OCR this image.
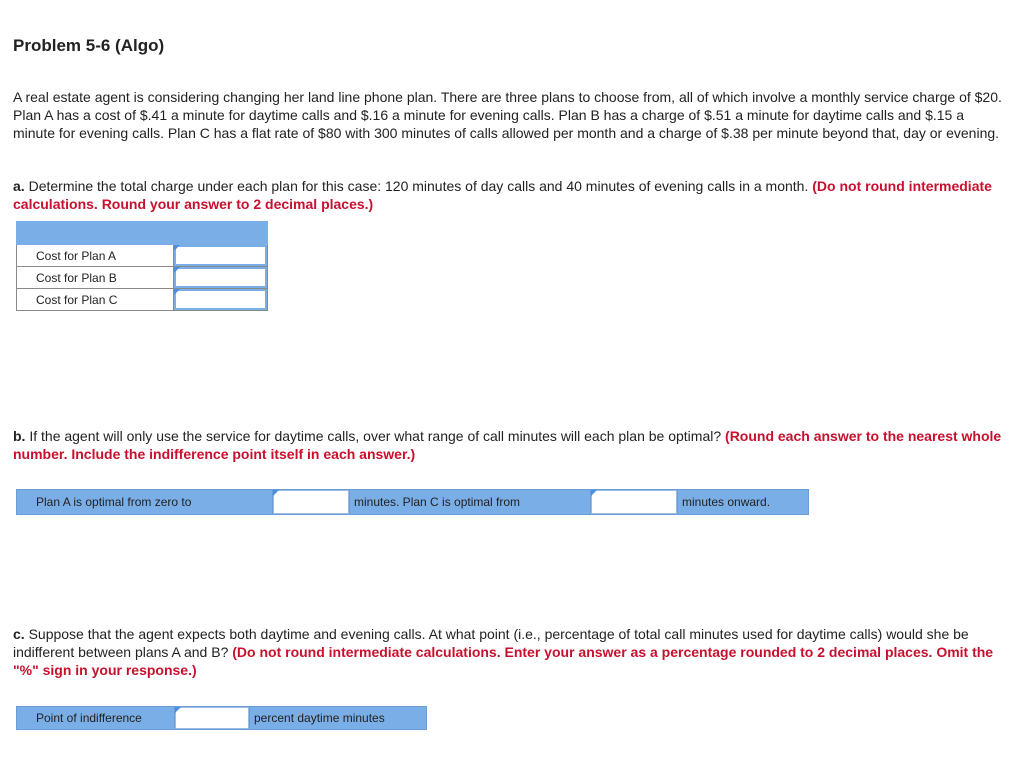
Problem 5-6 (Algo)
A real estate agent is considering changing her land line phone plan. There are three plans to choose from, all of which involve a monthly service charge of $20. Plan A has a cost of $.41 a minute for daytime calls and $.16 a minute for evening calls. Plan B has a charge of $.51 a minute for daytime calls and $.15 a minute for evening calls. Plan C has a flat rate of $80 with 300 minutes of calls allowed per month and a charge of $.38 per minute beyond that, day or evening.
a. Determine the total charge under each plan for this case: 120 minutes of day calls and 40 minutes of evening calls in a month. (Do not round intermediate calculations. Round your answer to 2 decimal places.)

Cost for Plan A	

Cost for Plan B	

Cost for Plan C	
b. If the agent will only use the service for daytime calls, over what range of call minutes will each plan be optimal? (Round each answer to the nearest whole number. Include the indifference point itself in each answer.)
Plan A is optimal from zero to	minutes. Plan C is optimal from	minutes onward.
c. Suppose that the agent expects both daytime and evening calls. At what point (i.e., percentage of total call minutes used for daytime calls) would she be indifferent between plans A and B? (Do not round intermediate calculations. Enter your answer as a percentage rounded to 2 decimal places. Omit the "%" sign in your response.)
Point of indifference	percent daytime minutes
